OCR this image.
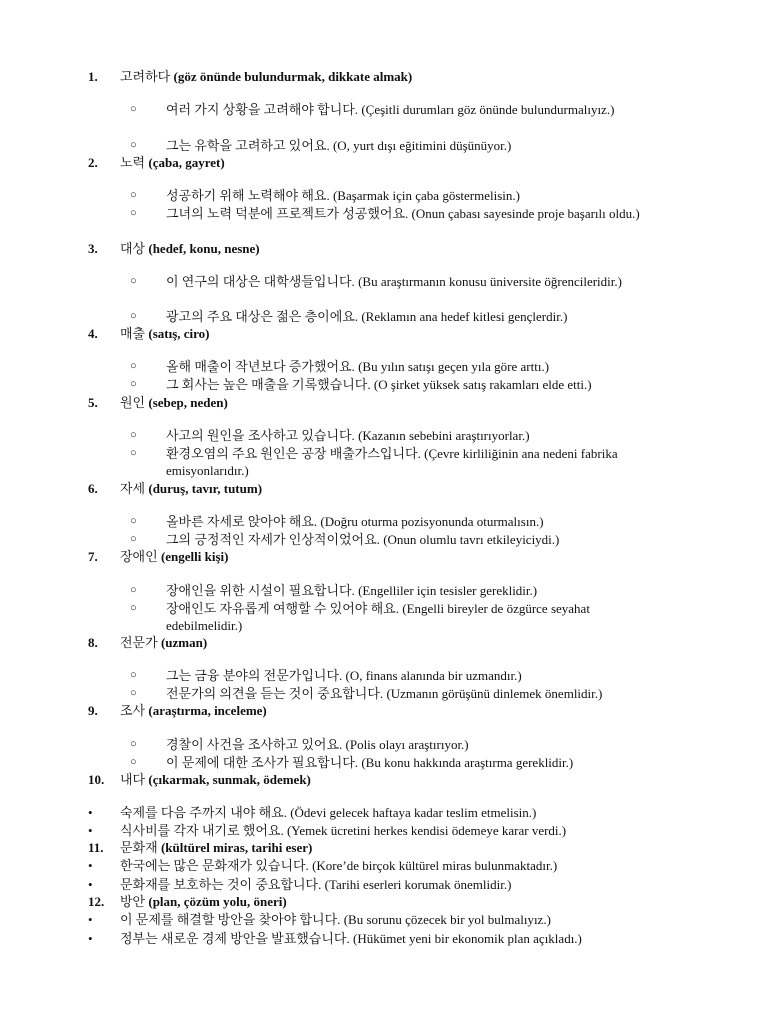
1. 고려하다 (göz önünde bulundurmak, dikkate almak)
○ 여러 가지 상황을 고려해야 합니다. (Çeşitli durumları göz önünde bulundurmalıyız.)
○ 그는 유학을 고려하고 있어요. (O, yurt dışı eğitimini düşünüyor.)
2. 노력 (çaba, gayret)
○ 성공하기 위해 노력해야 해요. (Başarmak için çaba göstermelisin.)
○ 그녀의 노력 덕분에 프로젝트가 성공했어요. (Onun çabası sayesinde proje başarılı oldu.)
3. 대상 (hedef, konu, nesne)
○ 이 연구의 대상은 대학생들입니다. (Bu araştırmanın konusu üniversite öğrencileridir.)
○ 광고의 주요 대상은 젊은 층이에요. (Reklamın ana hedef kitlesi gençlerdir.)
4. 매출 (satış, ciro)
○ 올해 매출이 작년보다 증가했어요. (Bu yılın satışı geçen yıla göre arttı.)
○ 그 회사는 높은 매출을 기록했습니다. (O şirket yüksek satış rakamları elde etti.)
5. 원인 (sebep, neden)
○ 사고의 원인을 조사하고 있습니다. (Kazanın sebebini araştırıyorlar.)
○ 환경오염의 주요 원인은 공장 배출가스입니다. (Çevre kirliliğinin ana nedeni fabrika emisyonlarıdır.)
6. 자세 (duruş, tavır, tutum)
○ 올바른 자세로 앉아야 해요. (Doğru oturma pozisyonunda oturmalısın.)
○ 그의 긍정적인 자세가 인상적이었어요. (Onun olumlu tavrı etkileyiciydi.)
7. 장애인 (engelli kişi)
○ 장애인을 위한 시설이 필요합니다. (Engelliler için tesisler gereklidir.)
○ 장애인도 자유롭게 여행할 수 있어야 해요. (Engelli bireyler de özgürce seyahat edebilmelidir.)
8. 전문가 (uzman)
○ 그는 금융 분야의 전문가입니다. (O, finans alanında bir uzmandır.)
○ 전문가의 의견을 듣는 것이 중요합니다. (Uzmanın görüşünü dinlemek önemlidir.)
9. 조사 (araştırma, inceleme)
○ 경찰이 사건을 조사하고 있어요. (Polis olayı araştırıyor.)
○ 이 문제에 대한 조사가 필요합니다. (Bu konu hakkında araştırma gereklidir.)
10. 내다 (çıkarmak, sunmak, ödemek)
• 숙제를 다음 주까지 내야 해요. (Ödevi gelecek haftaya kadar teslim etmelisin.)
• 식사비를 각자 내기로 했어요. (Yemek ücretini herkes kendisi ödemeye karar verdi.)
11. 문화재 (kültürel miras, tarihi eser)
• 한국에는 많은 문화재가 있습니다. (Kore’de birçok kültürel miras bulunmaktadır.)
• 문화재를 보호하는 것이 중요합니다. (Tarihi eserleri korumak önemlidir.)
12. 방안 (plan, çözüm yolu, öneri)
• 이 문제를 해결할 방안을 찾아야 합니다. (Bu sorunu çözecek bir yol bulmalıyız.)
• 정부는 새로운 경제 방안을 발표했습니다. (Hükümet yeni bir ekonomik plan açıkladı.)
